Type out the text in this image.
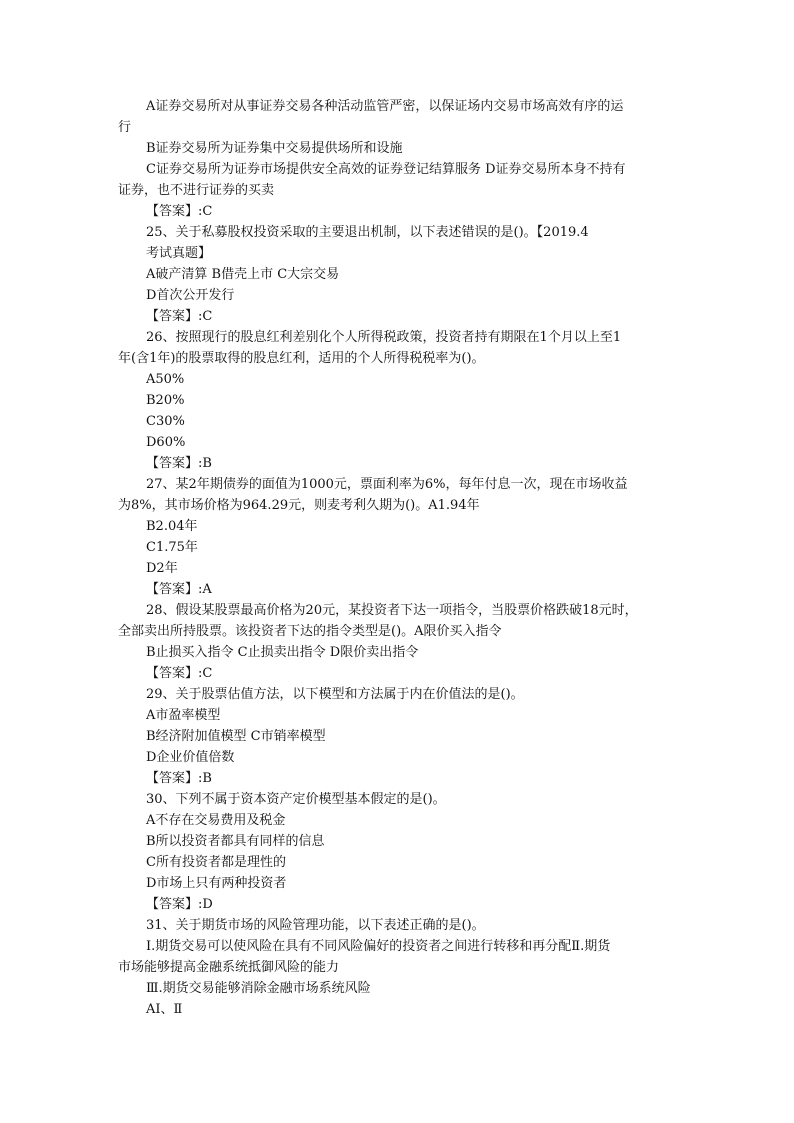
A证券交易所对从事证券交易各种活动监管严密，以保证场内交易市场高效有序的运
行
B证券交易所为证券集中交易提供场所和设施
C证券交易所为证券市场提供安全高效的证券登记结算服务 D证券交易所本身不持有
证券，也不进行证券的买卖
【答案】:C
25、关于私募股权投资采取的主要退出机制，以下表述错误的是()。【2019.4
考试真题】
A破产清算 B借壳上市 C大宗交易
D首次公开发行
【答案】:C
26、按照现行的股息红利差别化个人所得税政策，投资者持有期限在1个月以上至1
年(含1年)的股票取得的股息红利，适用的个人所得税税率为()。
A50%
B20%
C30%
D60%
【答案】:B
27、某2年期债券的面值为1000元，票面利率为6%，每年付息一次，现在市场收益
为8%，其市场价格为964.29元，则麦考利久期为()。A1.94年
B2.04年
C1.75年
D2年
【答案】:A
28、假设某股票最高价格为20元，某投资者下达一项指令，当股票价格跌破18元时，
全部卖出所持股票。该投资者下达的指令类型是()。A限价买入指令
B止损买入指令 C止损卖出指令 D限价卖出指令
【答案】:C
29、关于股票估值方法，以下模型和方法属于内在价值法的是()。
A市盈率模型
B经济附加值模型 C市销率模型
D企业价值倍数
【答案】:B
30、下列不属于资本资产定价模型基本假定的是()。
A不存在交易费用及税金
B所以投资者都具有同样的信息
C所有投资者都是理性的
D市场上只有两种投资者
【答案】:D
31、关于期货市场的风险管理功能，以下表述正确的是()。
Ⅰ.期货交易可以使风险在具有不同风险偏好的投资者之间进行转移和再分配Ⅱ.期货
市场能够提高金融系统抵御风险的能力
Ⅲ.期货交易能够消除金融市场系统风险
AⅠ、Ⅱ
